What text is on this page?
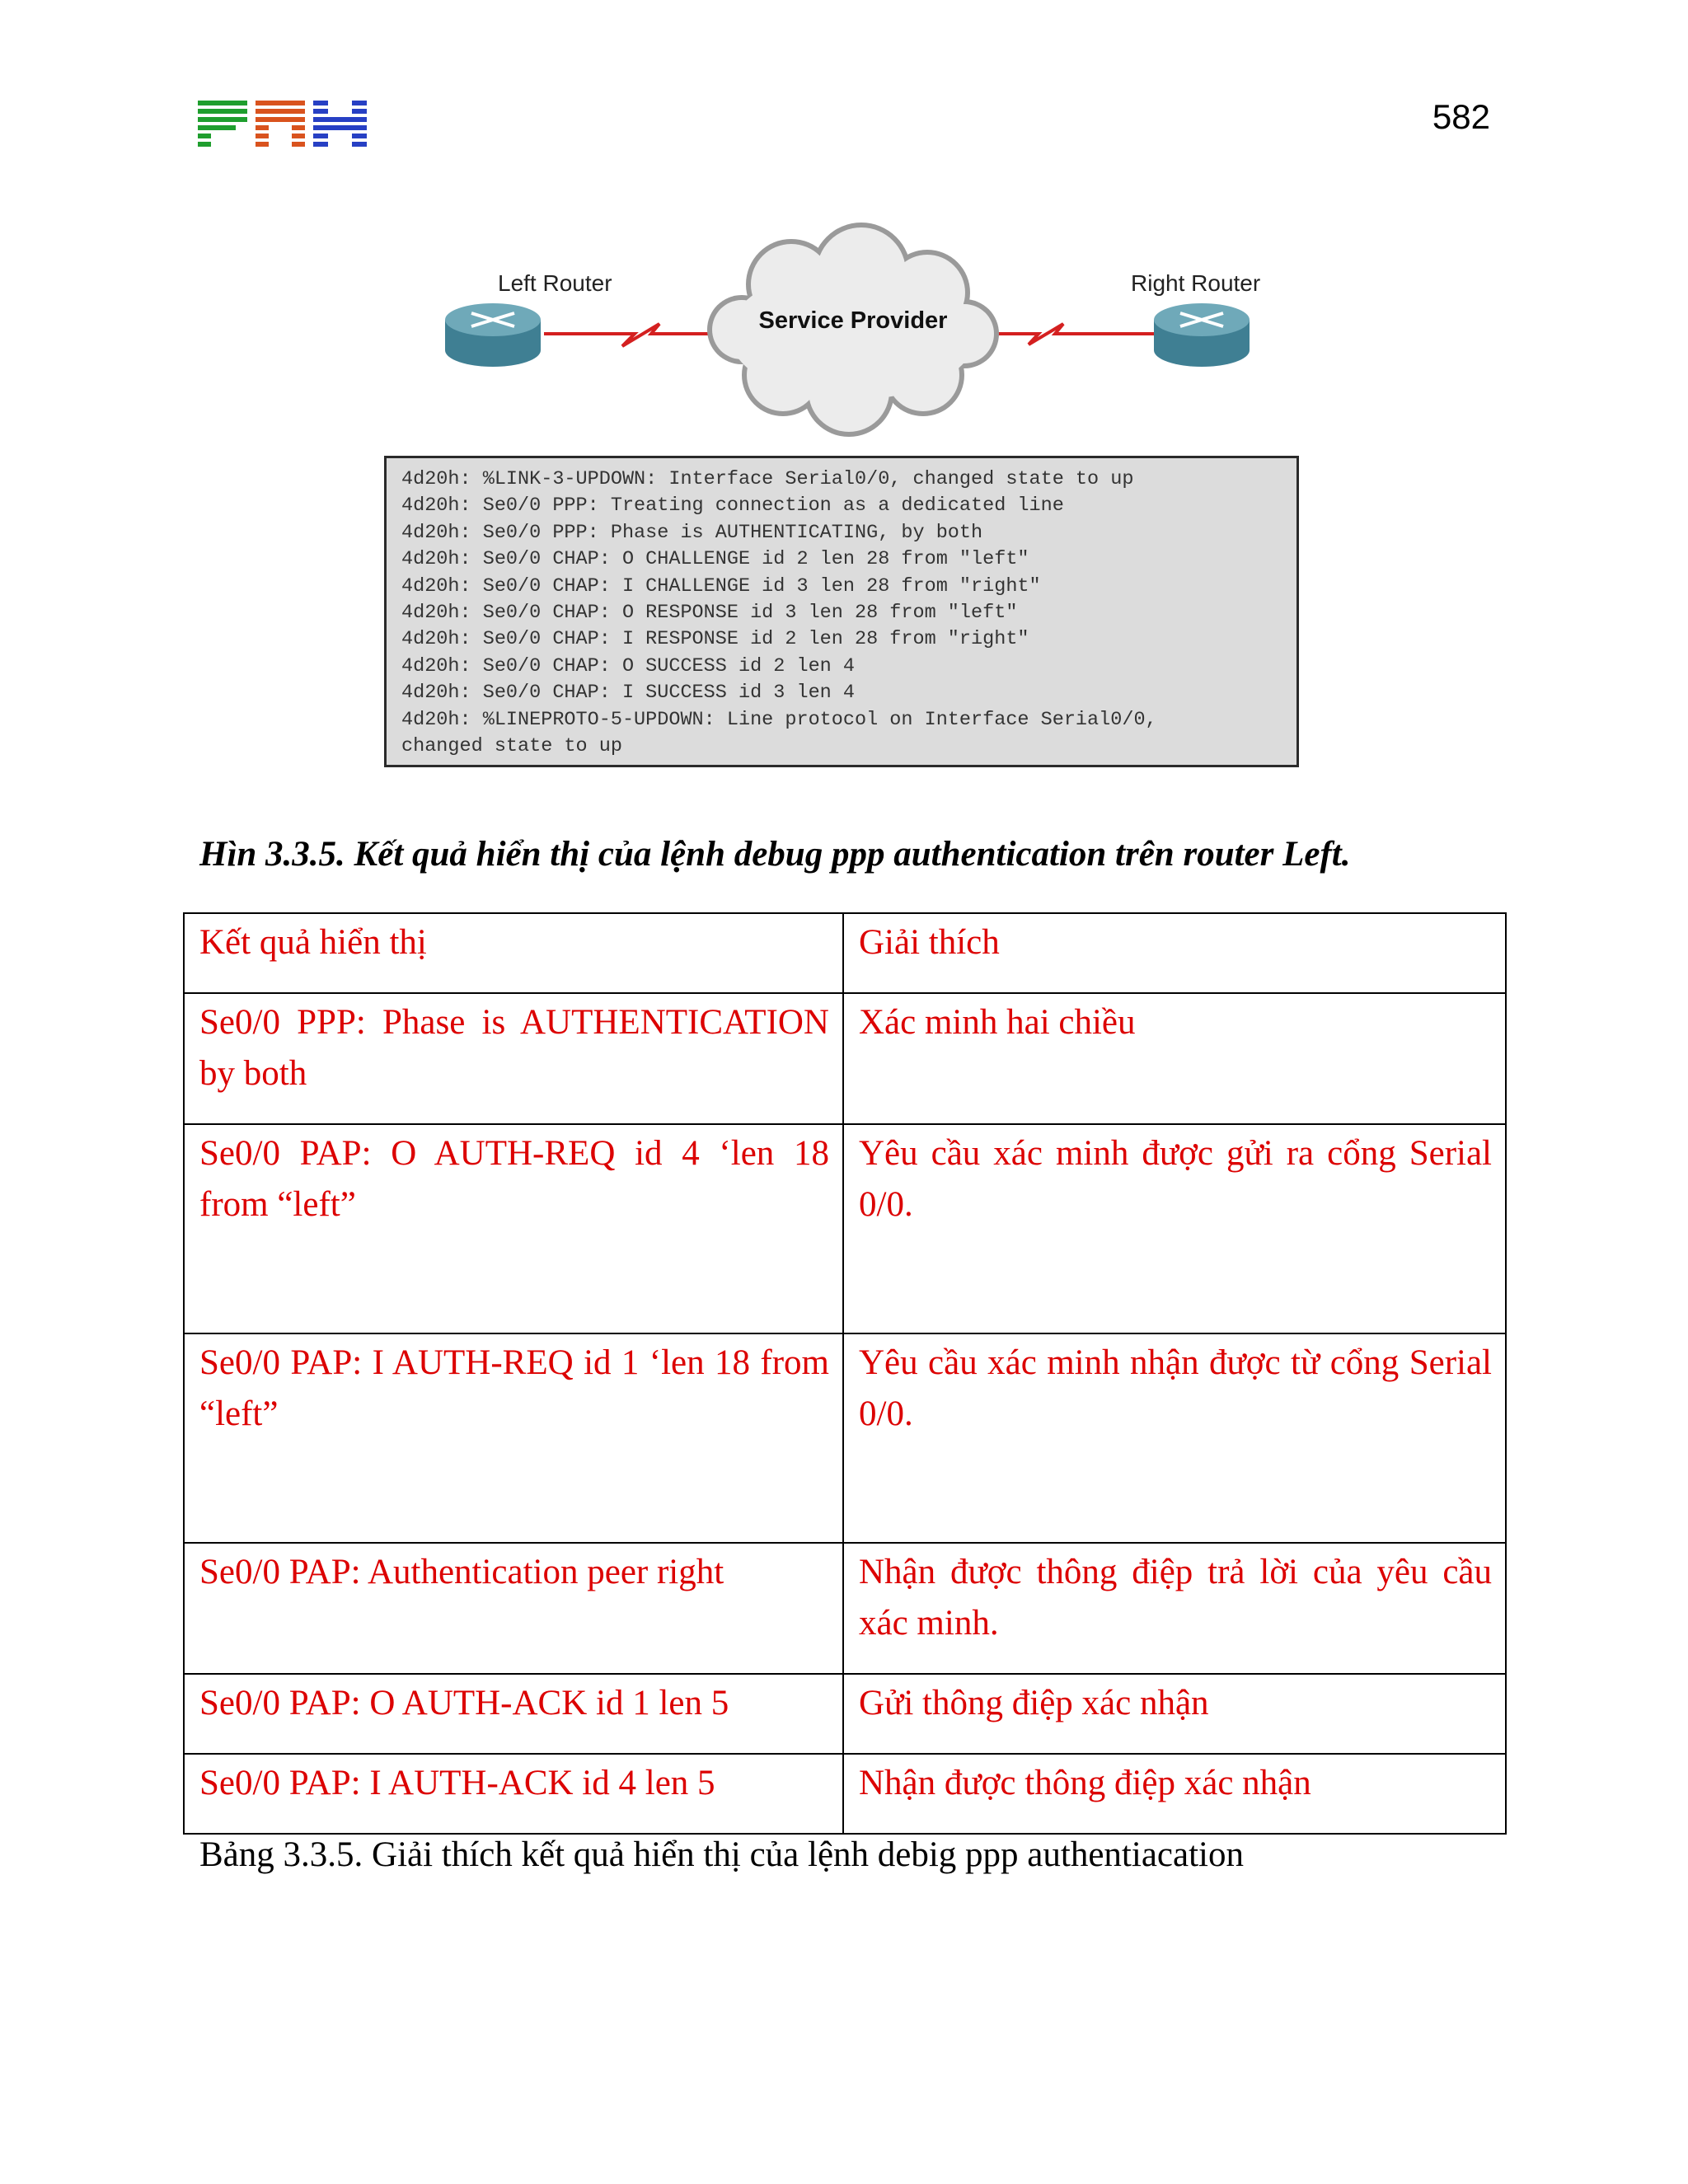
582
Left Router	Right Router
Service Provider
4d20h: %LINK-3-UPDOWN: Interface Serial0/0, changed state to up
4d20h: Se0/0 PPP: Treating connection as a dedicated line
4d20h: Se0/0 PPP: Phase is AUTHENTICATING, by both
4d20h: Se0/0 CHAP: O CHALLENGE id 2 len 28 from "left"
4d20h: Se0/0 CHAP: I CHALLENGE id 3 len 28 from "right"
4d20h: Se0/0 CHAP: O RESPONSE id 3 len 28 from "left"
4d20h: Se0/0 CHAP: I RESPONSE id 2 len 28 from "right"
4d20h: Se0/0 CHAP: O SUCCESS id 2 len 4
4d20h: Se0/0 CHAP: I SUCCESS id 3 len 4
4d20h: %LINEPROTO-5-UPDOWN: Line protocol on Interface Serial0/0,
changed state to up
Hìn 3.3.5. Kết quả hiển thị của lệnh debug ppp authentication trên router Left.
Kết quả hiển thị	Giải thích
Se0/0 PPP: Phase is AUTHENTICATION by both	Xác minh hai chiều
Se0/0 PAP: O AUTH-REQ id 4 ‘len 18 from “left”	Yêu cầu xác minh được gửi ra cổng Serial 0/0.
Se0/0 PAP: I AUTH-REQ id 1 ‘len 18 from “left”	Yêu cầu xác minh nhận được từ cổng Serial 0/0.
Se0/0 PAP: Authentication peer right	Nhận được thông điệp trả lời của yêu cầu xác minh.
Se0/0 PAP: O AUTH-ACK id 1 len 5	Gửi thông điệp xác nhận
Se0/0 PAP: I AUTH-ACK id 4 len 5	Nhận được thông điệp xác nhận
Bảng 3.3.5. Giải thích kết quả hiển thị của lệnh debig ppp authentiacation
